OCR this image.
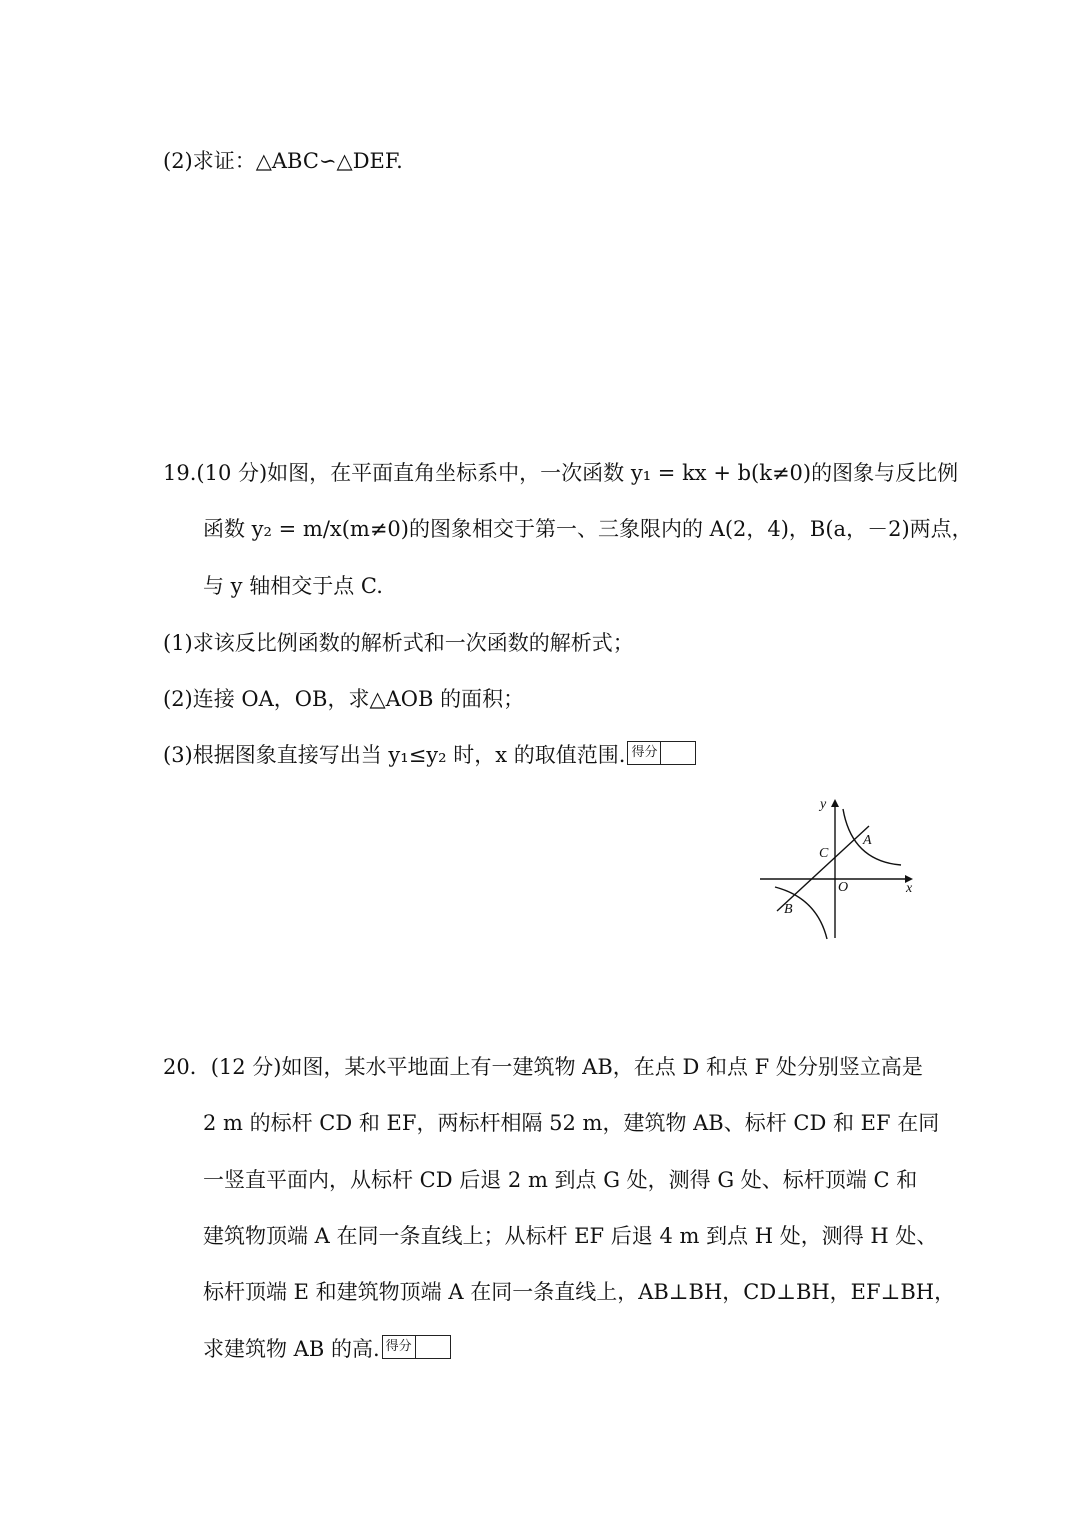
(2)求证：△ABC∽△DEF.
19.(10 分)如图，在平面直角坐标系中，一次函数 y₁ = kx + b(k≠0)的图象与反比例
函数 y₂ = m/x(m≠0)的图象相交于第一、三象限内的 A(2，4)，B(a，－2)两点，
与 y 轴相交于点 C.
(1)求该反比例函数的解析式和一次函数的解析式；
(2)连接 OA，OB，求△AOB 的面积；
(3)根据图象直接写出当 y₁≤y₂ 时，x 的取值范围. 得分
y
x
A
B
C
O
20．(12 分)如图，某水平地面上有一建筑物 AB，在点 D 和点 F 处分别竖立高是
2 m 的标杆 CD 和 EF，两标杆相隔 52 m，建筑物 AB、标杆 CD 和 EF 在同
一竖直平面内，从标杆 CD 后退 2 m 到点 G 处，测得 G 处、标杆顶端 C 和
建筑物顶端 A 在同一条直线上；从标杆 EF 后退 4 m 到点 H 处，测得 H 处、
标杆顶端 E 和建筑物顶端 A 在同一条直线上，AB⊥BH，CD⊥BH，EF⊥BH，
求建筑物 AB 的高. 得分
